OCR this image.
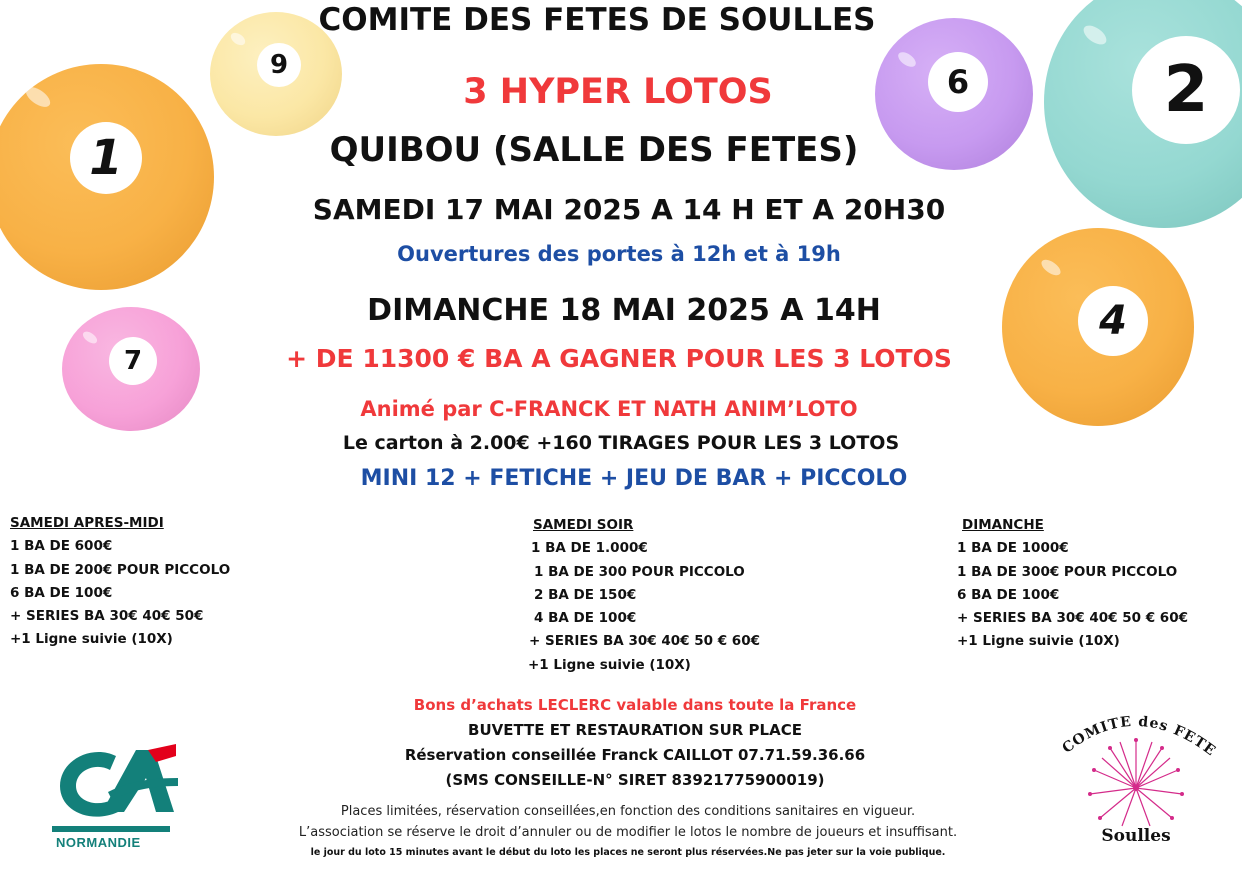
1
9	6	2
4
7
COMITE DES FETES DE SOULLES
3 HYPER LOTOS
QUIBOU (SALLE DES FETES)
SAMEDI 17 MAI 2025 A 14 H ET A 20H30
Ouvertures des portes à 12h et à 19h
DIMANCHE 18 MAI 2025 A 14H
+ DE 11300 € BA A GAGNER POUR LES 3 LOTOS
Animé par C-FRANCK ET NATH ANIM’LOTO
Le carton à 2.00€ +160 TIRAGES POUR LES 3 LOTOS
MINI 12 + FETICHE + JEU DE BAR + PICCOLO
SAMEDI APRES-MIDI
1 BA DE 600€
1 BA DE 200€ POUR PICCOLO
6 BA DE 100€
+ SERIES BA 30€ 40€ 50€
+1 Ligne suivie (10X)
SAMEDI SOIR
1 BA DE 1.000€
1 BA DE 300 POUR PICCOLO
2 BA DE 150€
4 BA DE 100€
+ SERIES BA 30€ 40€ 50 € 60€
+1 Ligne suivie (10X)
DIMANCHE
1 BA DE 1000€
1 BA DE 300€ POUR PICCOLO
6 BA DE 100€
+ SERIES BA 30€ 40€ 50 € 60€
+1 Ligne suivie (10X)
Bons d’achats LECLERC valable dans toute la France
BUVETTE ET RESTAURATION SUR PLACE
Réservation conseillée Franck CAILLOT 07.71.59.36.66
(SMS CONSEILLE-N° SIRET 83921775900019)
Places limitées, réservation conseillées,en fonction des conditions sanitaires en vigueur.
L’association se réserve le droit d’annuler ou de modifier le lotos le nombre de joueurs et insuffisant.
le jour du loto 15 minutes avant le début du loto les places ne seront plus réservées.Ne pas jeter sur la voie publique.
NORMANDIE
COMITE des FETE
Soulles
